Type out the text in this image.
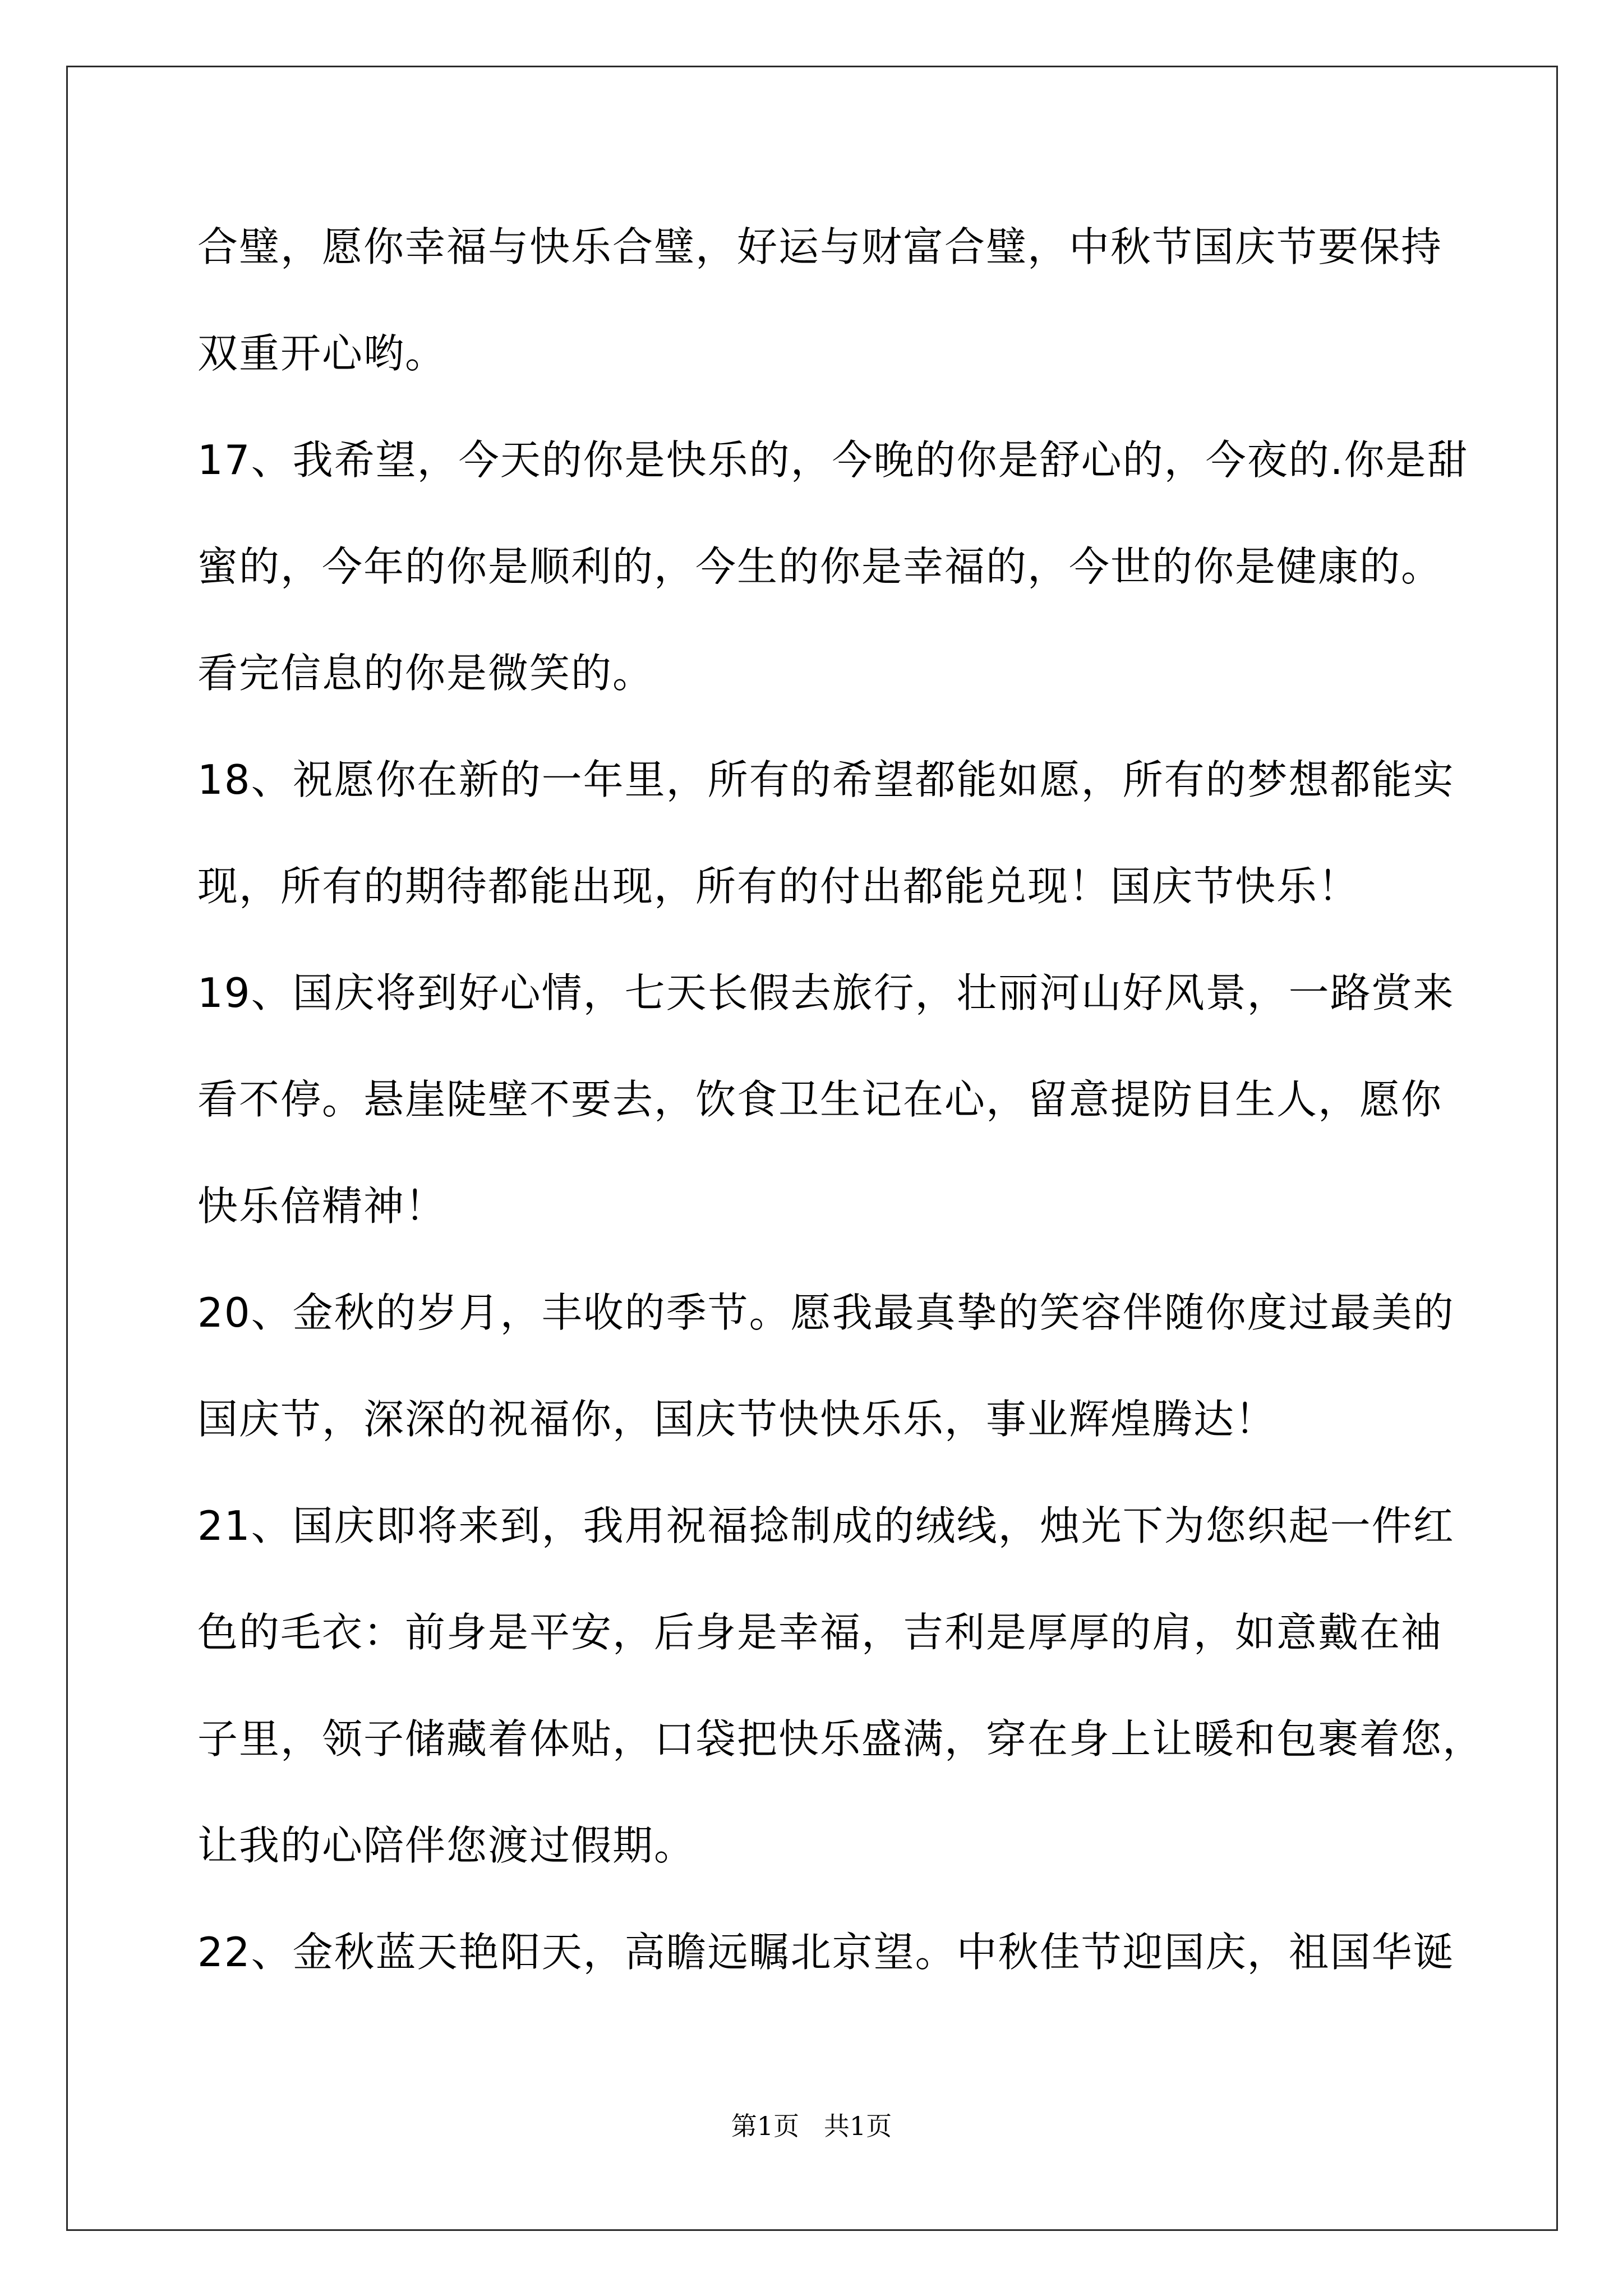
合璧，愿你幸福与快乐合璧，好运与财富合璧，中秋节国庆节要保持
双重开心哟。
17、我希望，今天的你是快乐的，今晚的你是舒心的，今夜的.你是甜
蜜的，今年的你是顺利的，今生的你是幸福的，今世的你是健康的。
看完信息的你是微笑的。
18、祝愿你在新的一年里，所有的希望都能如愿，所有的梦想都能实
现，所有的期待都能出现，所有的付出都能兑现！国庆节快乐！
19、国庆将到好心情，七天长假去旅行，壮丽河山好风景，一路赏来
看不停。悬崖陡壁不要去，饮食卫生记在心，留意提防目生人，愿你
快乐倍精神！
20、金秋的岁月，丰收的季节。愿我最真挚的笑容伴随你度过最美的
国庆节，深深的祝福你，国庆节快快乐乐，事业辉煌腾达！
21、国庆即将来到，我用祝福捻制成的绒线，烛光下为您织起一件红
色的毛衣：前身是平安，后身是幸福，吉利是厚厚的肩，如意戴在袖
子里，领子储藏着体贴，口袋把快乐盛满，穿在身上让暖和包裹着您，
让我的心陪伴您渡过假期。
22、金秋蓝天艳阳天，高瞻远瞩北京望。中秋佳节迎国庆，祖国华诞
第1页   共1页
